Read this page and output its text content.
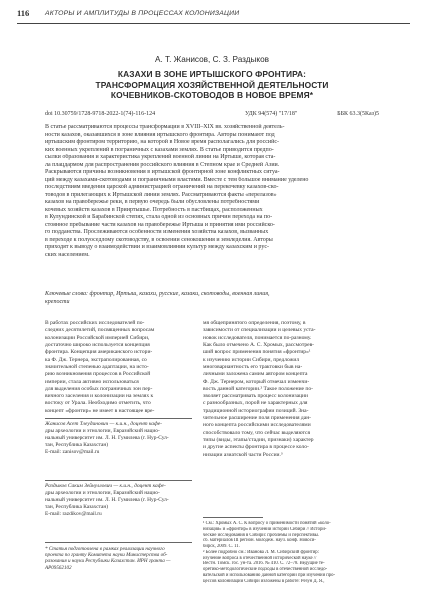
116	АКТОРЫ И АМПЛИТУДЫ В ПРОЦЕССАХ КОЛОНИЗАЦИИ
А. Т. Жанисов, С. З. Раздыков
КАЗАХИ В ЗОНЕ ИРТЫШСКОГО ФРОНТИРА:
ТРАНСФОРМАЦИЯ ХОЗЯЙСТВЕННОЙ ДЕЯТЕЛЬНОСТИ
КОЧЕВНИКОВ-СКОТОВОДОВ В НОВОЕ ВРЕМЯ*
doi 10.30759/1728-9718-2022-1(74)-116-124	УДК 94(574) "17/18"	ББК 63.3(5Каз)5
В статье рассматриваются процессы трансформации в XVIII–XIX вв. хозяйственной деятель-
ности казахов, оказавшихся в зоне влияния иртышского фронтира. Авторы понимают под
иртышским фронтиром территорию, на которой в Новое время располагались для российс-
ких военных укреплений в пограничных с казахами землях. В статье приводится предпо-
сылки образования и характеристика укреплений военной линии на Иртыше, которая ста-
ла плацдармом для распространения российского влияния в Степном крае и Средней Азии.
Раскрываются причины возникновения в иртышской фронтирной зоне конфликтных ситуа-
ций между казахами-скотоводами и пограничными властями. Вместе с тем большое внимание уделено
последствиям введения царской администрацией ограничений на перекочевку казахов-ско-
товодов в прилегающих к Иртышской линии землях. Рассматриваются факты «перелазов»
казахов на правобережье реки, в первую очередь были обусловлены потребностями
кочевых хозяйств казахов в Прииртышье. Потребность в пастбищах, расположенных
в Кулундинской и Барабинской степях, стала одной из основных причин перехода на по-
стоянное пребывание части казахов на правобережье Иртыша и принятия ими российско-
го подданства. Прослеживаются особенности изменения хозяйства казахов, вызванных
в переходе к полуоседлому скотоводству, в освоении сенокошения и земледелия. Авторы
приходят к выводу о взаимодействии и взаимовлиянии культур между казахским и рус-
ских населением.
Ключевые слова: фронтир, Иртыш, казахи, русские, казаки, скотоводы, военная линия,
крепости
В работах российских исследователей по-
следних десятилетий, посвященных вопросам
колонизации Российской империей Сибири,
достаточно широко используется концепция
фронтира. Концепция американского истори-
ка Ф. Дж. Тернера, экстраполированная, со
значительной степенью адаптации, на исто-
рию возникновения процессов в Российской
империи, стала активно использоваться
для выделения особых пограничных зон пер-
вичного заселения и колонизации на землях к
востоку от Урала. Необходимо отметить, что
концепт «фронтир» не имеет в настоящее вре-
Жанисов Асет Тлеудинович — к.и.н., доцент кафе-
дры археологии и этнологии, Евразийский нацио-
нальный университет им. Л. Н. Гумилева (г. Нур-Сул-
тан, Республика Казахстан)
E-mail: zanisov@mail.ru
Раздыков Саким Зейнуллович — к.и.н., доцент кафе-
дры археологии и этнологии, Евразийский нацио-
нальный университет им. Л. Н. Гумилева (г. Нур-Сул-
тан, Республика Казахстан)
E-mail: razdikov@mail.ru
* Статья подготовлена в рамках реализации научного
проекта по гранту Комитета науки Министерства об-
разования и науки Республики Казахстан. ИРН гранта —
AP09562102
мя общепринятого определения, поэтому, в
зависимости от специализации и целевых уста-
новок исследователя, понимается по-разному.
Как было отмечено А. С. Хромых, рассмотрев-
ший вопрос применения понятия «фронтир»¹
к изучению истории Сибири, предложил
многовариантность его трактовки быв на-
личными заложена самим автором концепта
Ф. Дж. Тернером, который отмечал изменчи-
вость данной категории.² Такое положение по-
зволяет рассматривать процесс колонизации
с разнообразных, порой не характерных для
традиционной историографии позиций. Зна-
чительное расширение поля применения дан-
ного концепта российскими исследователями
способствовало тому, что сейчас выделяются
типы (виды, этапы/стадии, признаки) характер
и другие аспекты фронтира в процессе коло-
низации азиатской части России.³
¹ См.: Хромых А. С. К вопросу о применимости понятий «коло-
низация» и «фронтир» в изучении истории Сибири // Истори-
ческие исследования в Сибири: проблемы и перспективы.
сб. материалов III регион. молодеж. науч. конф. Новоси-
бирск, 2009. С. 11.
² Более подробно см.: Иванова Л. М. Сибирский фронтир:
изучение вопроса в отечественной исторической науке //
Вестн. Томск. гос. ун-та. 2016. № 410. С. 72–78. Ведущие те-
оретико-методологические подходы в отечественной исследо-
вательской и использованию данной категории при изучении про-
цессов колонизации Сибири изложены в работе: Резун Д. Я.,
